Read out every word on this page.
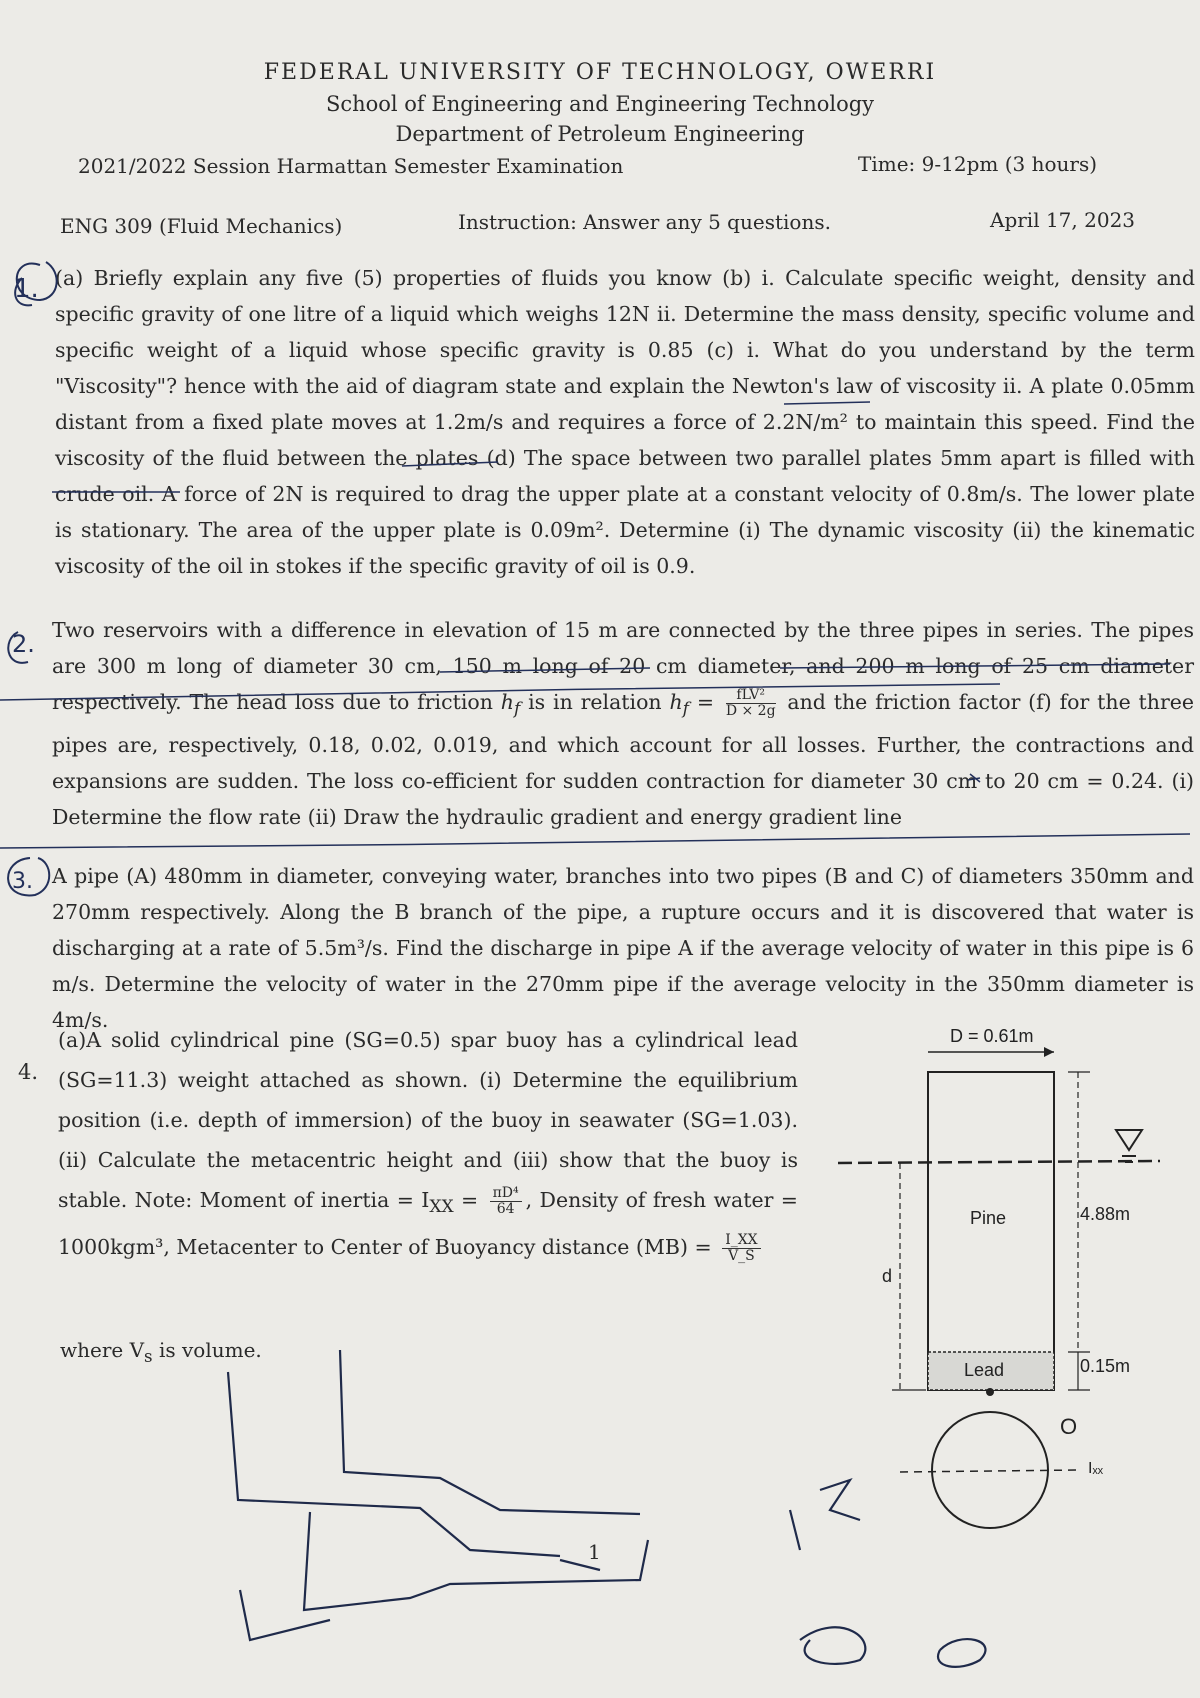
FEDERAL UNIVERSITY OF TECHNOLOGY, OWERRI
School of Engineering and Engineering Technology
Department of Petroleum Engineering
2021/2022 Session Harmattan Semester Examination	Time: 9-12pm (3 hours)
ENG 309 (Fluid Mechanics)	Instruction: Answer any 5 questions.	April 17, 2023
(a) Briefly explain any five (5) properties of fluids you know (b) i. Calculate specific weight, density and specific gravity of one litre of a liquid which weighs 12N ii. Determine the mass density, specific volume and specific weight of a liquid whose specific gravity is 0.85 (c) i. What do you understand by the term "Viscosity"? hence with the aid of diagram state and explain the Newton's law of viscosity ii. A plate 0.05mm distant from a fixed plate moves at 1.2m/s and requires a force of 2.2N/m² to maintain this speed. Find the viscosity of the fluid between the plates (d) The space between two parallel plates 5mm apart is filled with crude oil. A force of 2N is required to drag the upper plate at a constant velocity of 0.8m/s. The lower plate is stationary. The area of the upper plate is 0.09m². Determine (i) The dynamic viscosity (ii) the kinematic viscosity of the oil in stokes if the specific gravity of oil is 0.9.
Two reservoirs with a difference in elevation of 15 m are connected by the three pipes in series. The pipes are 300 m long of diameter 30 cm, 150 m long of 20 cm diameter, and 200 m long of 25 cm diameter respectively. The head loss due to friction $h_f$ is in relation $h_f = \frac{\text{fLV²}}{D \times 2g}$ and the friction factor (f) for the three pipes are, respectively, 0.18, 0.02, 0.019, and which account for all losses. Further, the contractions and expansions are sudden. The loss co-efficient for sudden contraction for diameter 30 cm to 20 cm = 0.24. (i) Determine the flow rate (ii) Draw the hydraulic gradient and energy gradient line
A pipe (A) 480mm in diameter, conveying water, branches into two pipes (B and C) of diameters 350mm and 270mm respectively. Along the B branch of the pipe, a rupture occurs and it is discovered that water is discharging at a rate of 5.5m³/s. Find the discharge in pipe A if the average velocity of water in this pipe is 6 m/s. Determine the velocity of water in the 270mm pipe if the average velocity in the 350mm diameter is 4m/s.
4.
(a)A solid cylindrical pine (SG=0.5) spar buoy has a cylindrical lead (SG=11.3) weight attached as shown. (i) Determine the equilibrium position (i.e. depth of immersion) of the buoy in seawater (SG=1.03). (ii) Calculate the metacentric height and (iii) show that the buoy is stable. Note: Moment of inertia = $I_{XX} = \frac{\text{πD⁴}}{64}$ , Density of fresh water = 1000kgm³, Metacenter to Center of Buoyancy distance $(MB) = \frac{I\_XX}{V\_S}$
where $V_s$ is volume.
1.
2.
3.
D = 0.61m
Pine	4.88m
Lead	0.15m
d
O
Iₓₓ
1
